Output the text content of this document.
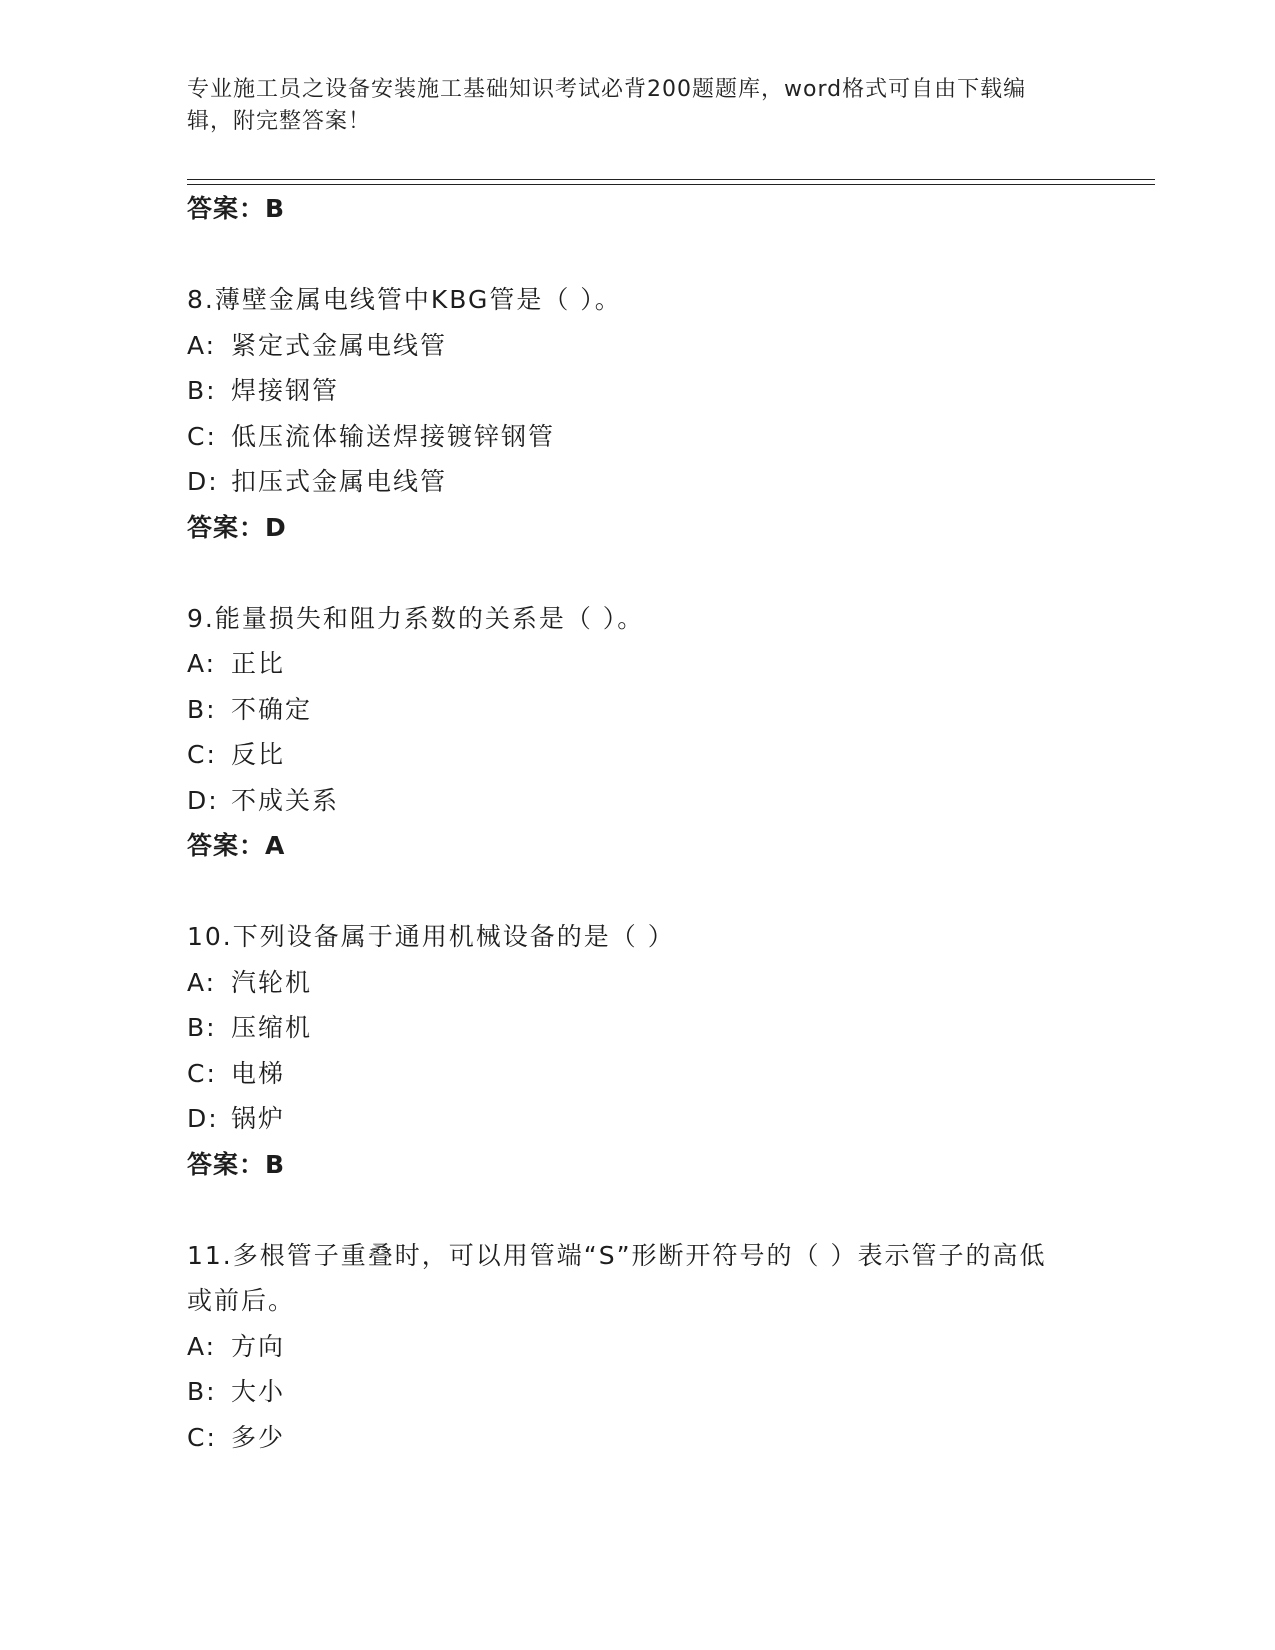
专业施工员之设备安装施工基础知识考试必背200题题库，word格式可自由下载编辑，附完整答案！
答案：B
8.薄壁金属电线管中KBG管是（ ）。
A: 紧定式金属电线管
B: 焊接钢管
C: 低压流体输送焊接镀锌钢管
D: 扣压式金属电线管
答案：D
9.能量损失和阻力系数的关系是（ ）。
A: 正比
B: 不确定
C: 反比
D: 不成关系
答案：A
10.下列设备属于通用机械设备的是（ ）
A: 汽轮机
B: 压缩机
C: 电梯
D: 锅炉
答案：B
11.多根管子重叠时，可以用管端“S”形断开符号的（ ）表示管子的高低或前后。
A: 方向
B: 大小
C: 多少
